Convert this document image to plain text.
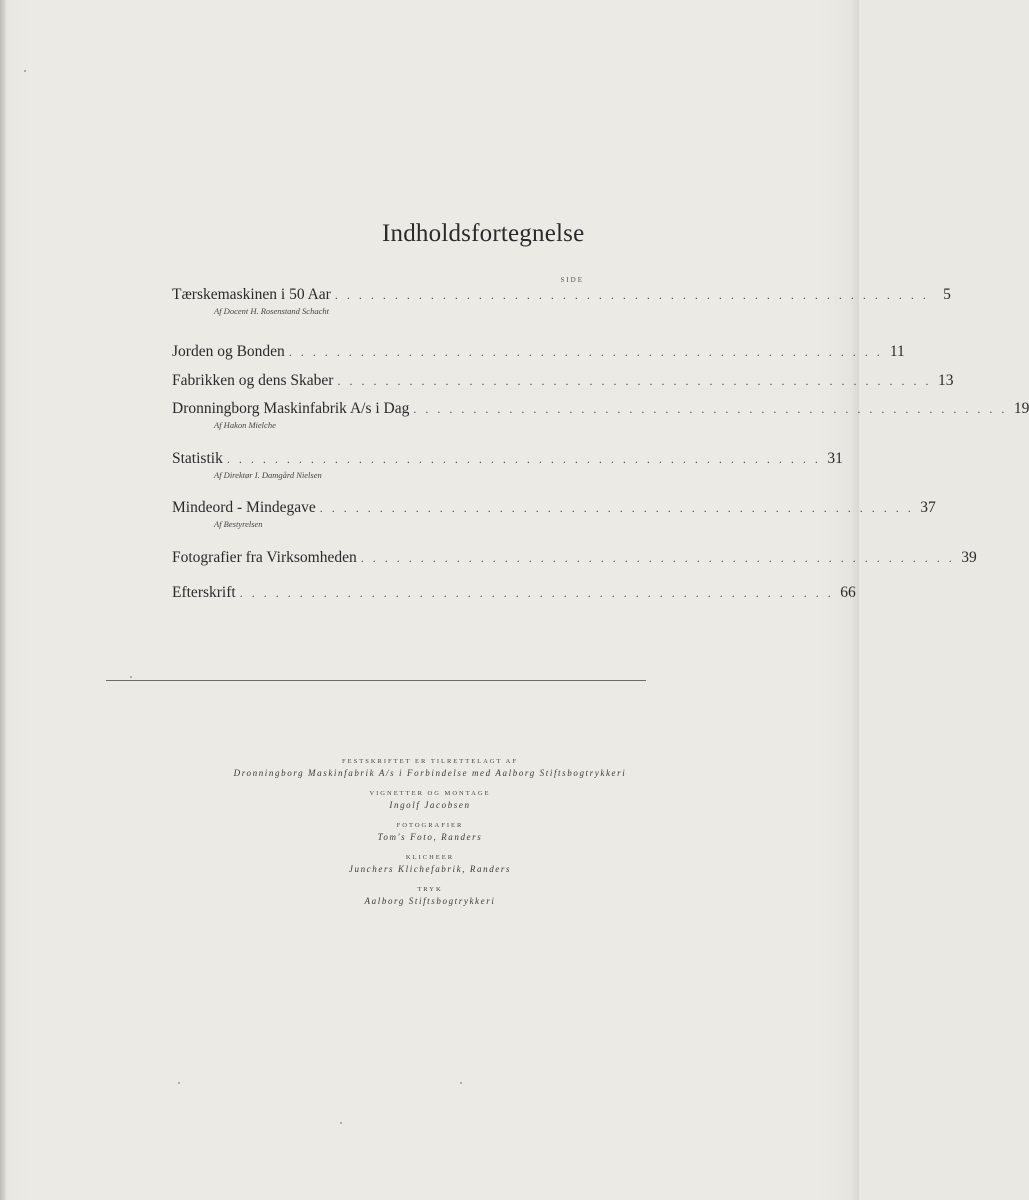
Indholdsfortegnelse
SIDE
Tærskemaskinen i 50 Aar . . . . . . . . . . . . . . . . . . . . . . . . . . . . . . . . . . . . . . . . . . . . . . . . . . 5
Af Docent H. Rosenstand Schacht
Jorden og Bonden . . . . . . . . . . . . . . . . . . . . . . . . . . . . . . . . . . . . . . . . . . . . . . . . . . 11
Fabrikken og dens Skaber . . . . . . . . . . . . . . . . . . . . . . . . . . . . . . . . . . . . . . . . . . . . . . . . . . 13
Dronningborg Maskinfabrik A/s i Dag . . . . . . . . . . . . . . . . . . . . . . . . . . . . . . . . . . . . . . . . . . . . . . . . . . 19
Af Hakon Mielche
Statistik . . . . . . . . . . . . . . . . . . . . . . . . . . . . . . . . . . . . . . . . . . . . . . . . . . 31
Af Direktør I. Damgård Nielsen
Mindeord - Mindegave . . . . . . . . . . . . . . . . . . . . . . . . . . . . . . . . . . . . . . . . . . . . . . . . . . 37
Af Bestyrelsen
Fotografier fra Virksomheden . . . . . . . . . . . . . . . . . . . . . . . . . . . . . . . . . . . . . . . . . . . . . . . . . . 39
Efterskrift . . . . . . . . . . . . . . . . . . . . . . . . . . . . . . . . . . . . . . . . . . . . . . . . . . 66
FESTSKRIFTET ER TILRETTELAGT AF
Dronningborg Maskinfabrik A/s i Forbindelse med Aalborg Stiftsbogtrykkeri
VIGNETTER OG MONTAGE
Ingolf Jacobsen
FOTOGRAFIER
Tom's Foto, Randers
KLICHEER
Junchers Klichefabrik, Randers
TRYK
Aalborg Stiftsbogtrykkeri
